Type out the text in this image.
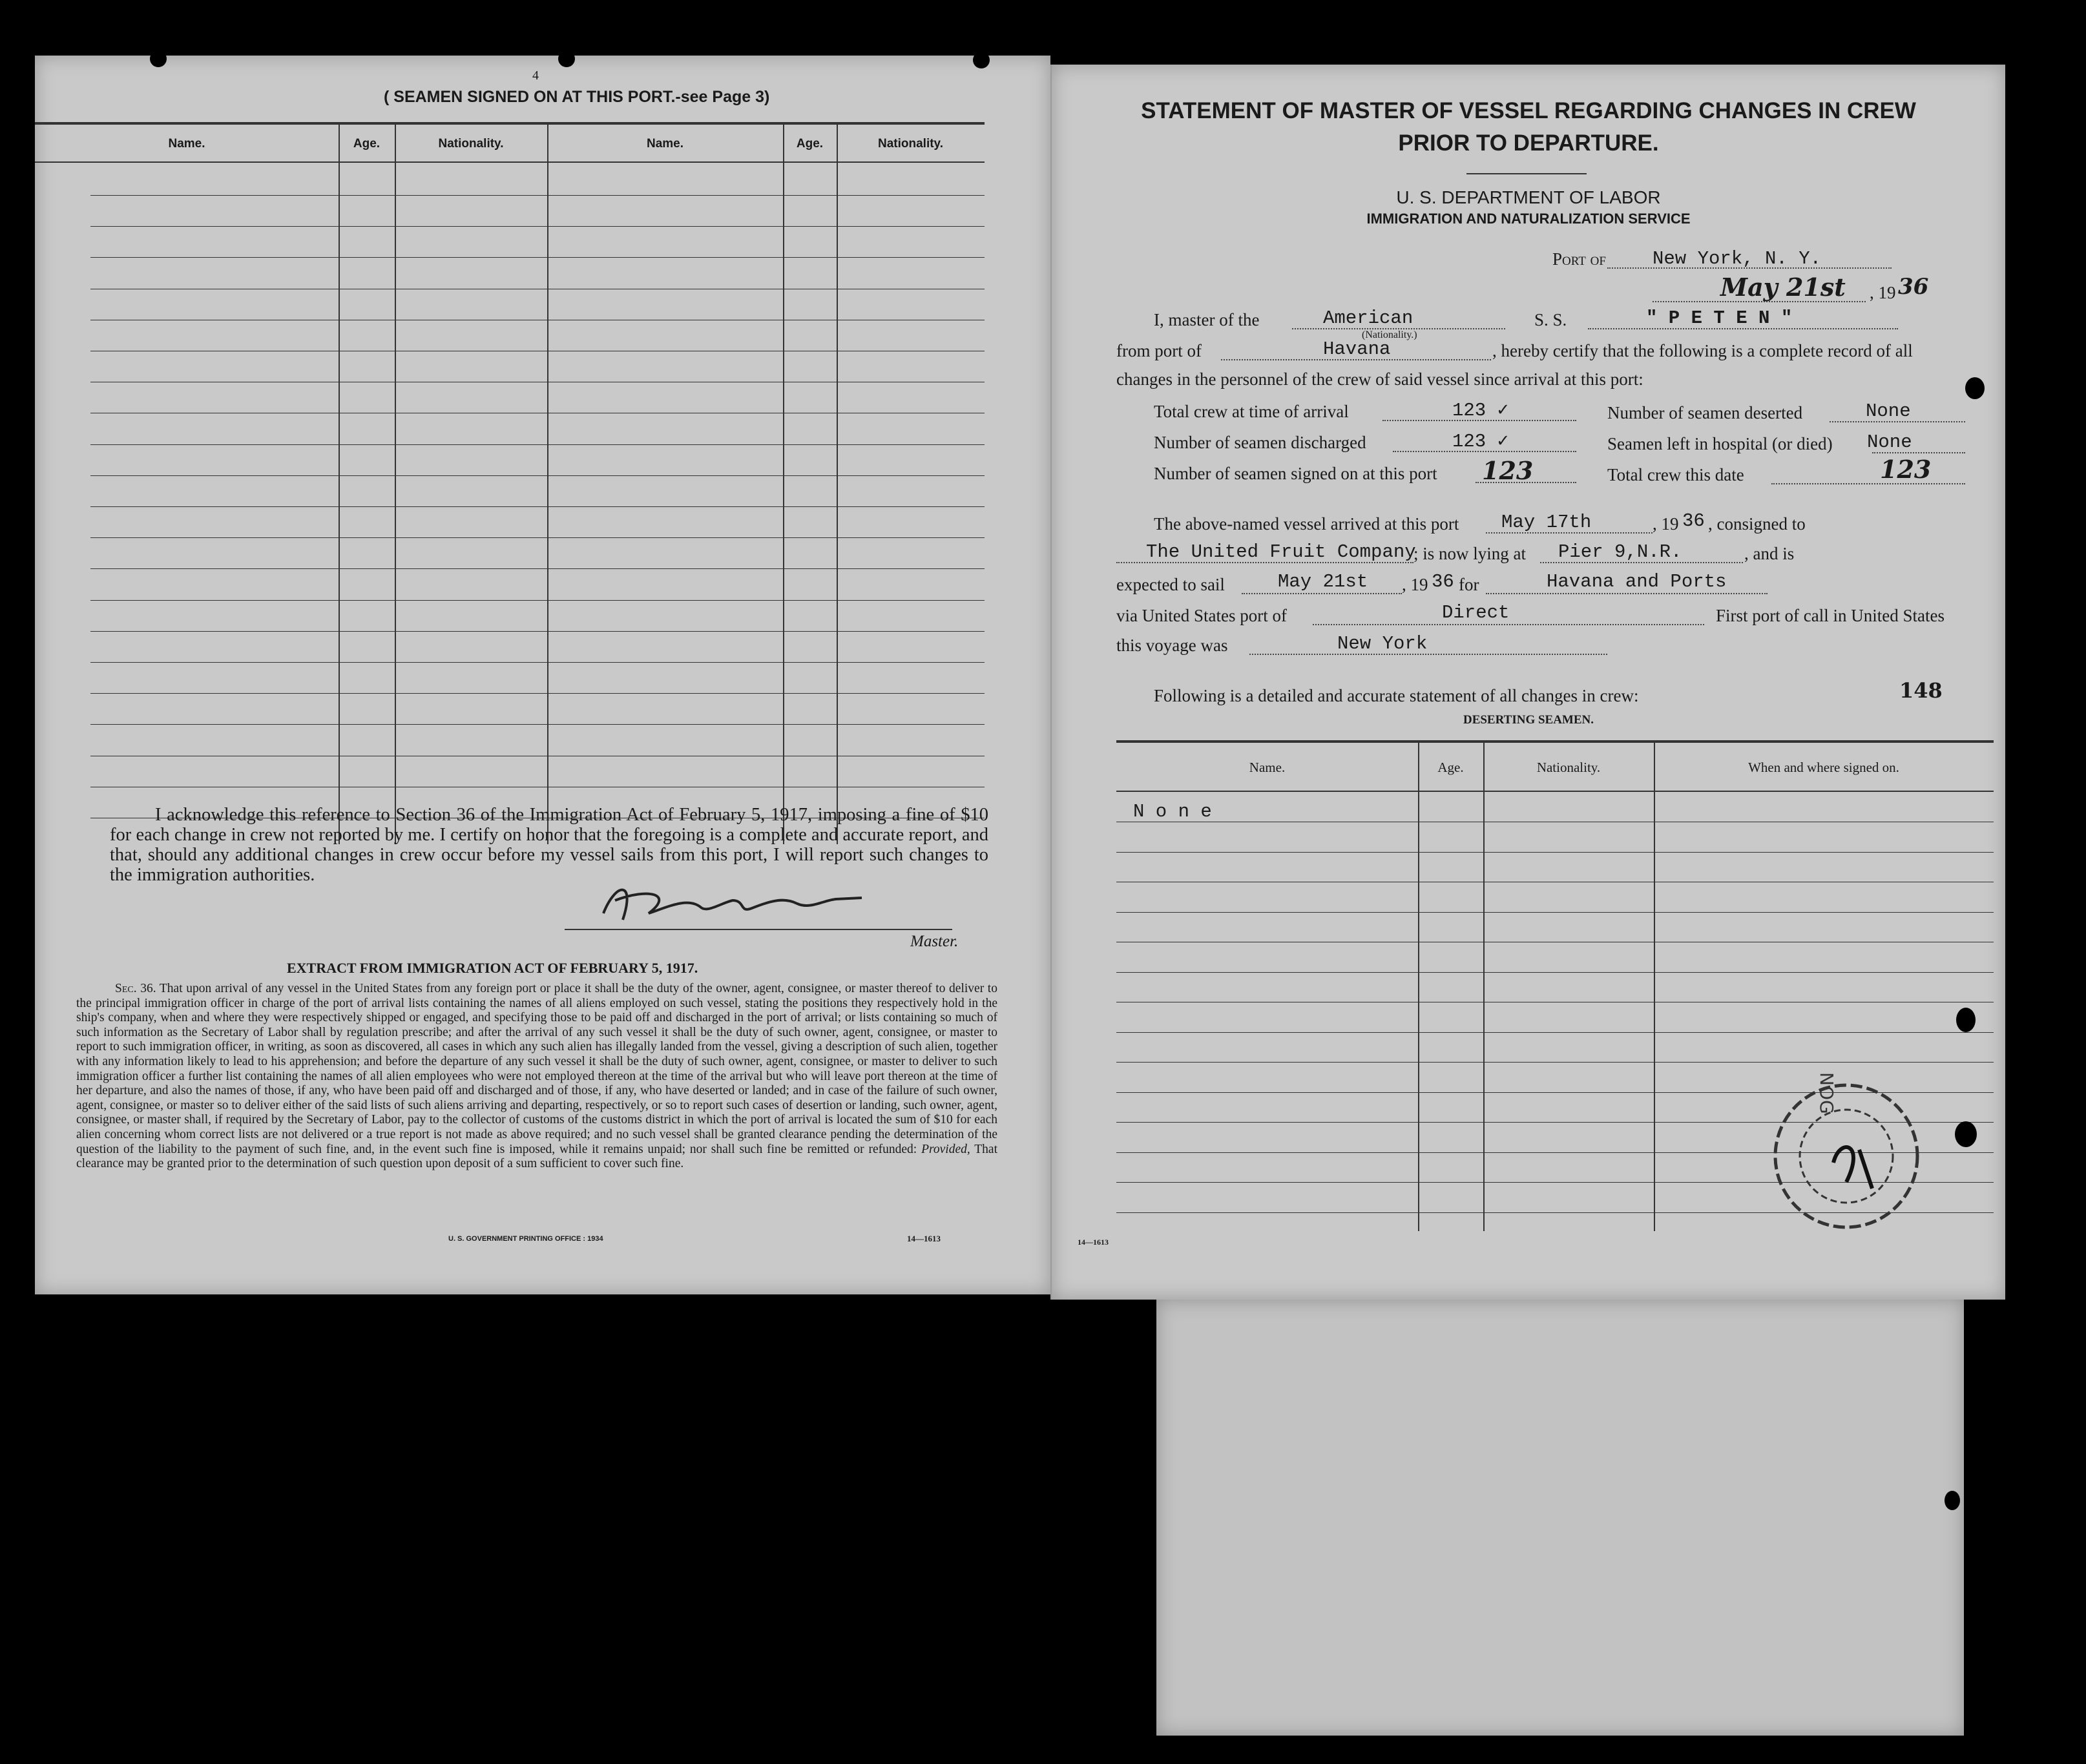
4
( SEAMEN SIGNED ON AT THIS PORT.-see Page 3)
Name.	Age.	Nationality.	Name.	Age.	Nationality.
I acknowledge this reference to Section 36 of the Immigration Act of February 5, 1917, imposing a fine of $10 for each change in crew not reported by me. I certify on honor that the foregoing is a complete and accurate report, and that, should any additional changes in crew occur before my vessel sails from this port, I will report such changes to the immigration authorities.
Master.
EXTRACT FROM IMMIGRATION ACT OF FEBRUARY 5, 1917.
Sec. 36. That upon arrival of any vessel in the United States from any foreign port or place it shall be the duty of the owner, agent, consignee, or master thereof to deliver to the principal immigration officer in charge of the port of arrival lists containing the names of all aliens employed on such vessel, stating the positions they respectively hold in the ship's company, when and where they were respectively shipped or engaged, and specifying those to be paid off and discharged in the port of arrival; or lists containing so much of such information as the Secretary of Labor shall by regulation prescribe; and after the arrival of any such vessel it shall be the duty of such owner, agent, consignee, or master to report to such immigration officer, in writing, as soon as discovered, all cases in which any such alien has illegally landed from the vessel, giving a description of such alien, together with any information likely to lead to his apprehension; and before the departure of any such vessel it shall be the duty of such owner, agent, consignee, or master to deliver to such immigration officer a further list containing the names of all alien employees who were not employed thereon at the time of the arrival but who will leave port thereon at the time of her departure, and also the names of those, if any, who have been paid off and discharged and of those, if any, who have deserted or landed; and in case of the failure of such owner, agent, consignee, or master so to deliver either of the said lists of such aliens arriving and departing, respectively, or so to report such cases of desertion or landing, such owner, agent, consignee, or master shall, if required by the Secretary of Labor, pay to the collector of customs of the customs district in which the port of arrival is located the sum of $10 for each alien concerning whom correct lists are not delivered or a true report is not made as above required; and no such vessel shall be granted clearance pending the determination of the question of the liability to the payment of such fine, and, in the event such fine is imposed, while it remains unpaid; nor shall such fine be remitted or refunded: Provided, That clearance may be granted prior to the determination of such question upon deposit of a sum sufficient to cover such fine.
U. S. GOVERNMENT PRINTING OFFICE : 1934	14—1613
STATEMENT OF MASTER OF VESSEL REGARDING CHANGES IN CREW
PRIOR TO DEPARTURE.
U. S. DEPARTMENT OF LABOR
IMMIGRATION AND NATURALIZATION SERVICE
Port of New York, N. Y.
May 21st , 19 36
I, master of the	American
(Nationality.)
S. S.	" P E T E N "
from port of	Havana	, hereby certify that the following is a complete record of all
changes in the personnel of the crew of said vessel since arrival at this port:
Total crew at time of arrival	123 ✓	Number of seamen deserted	None
Number of seamen discharged	123 ✓	Seamen left in hospital (or died) None
Number of seamen signed on at this port 123	Total crew this date	123
The above-named vessel arrived at this port May 17th	, 19 36 , consigned to
The United Fruit Company
; is now lying at Pier 9,N.R.	, and is
expected to sail	May 21st , 19 36 for	Havana and Ports
via United States port of	Direct	First port of call in United States
this voyage was	New York
Following is a detailed and accurate statement of all changes in crew:	148
DESERTING SEAMEN.
Name.	Age.	Nationality.	When and where signed on.
N o n e
NOG
14—1613
